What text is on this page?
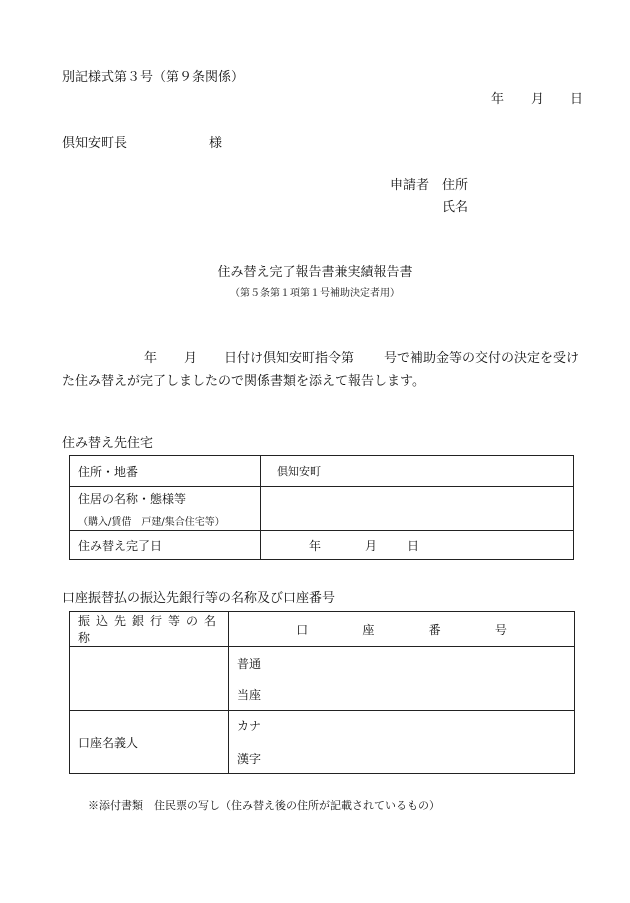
別記様式第３号（第９条関係）
年 月 日
倶知安町長	様
申請者 住所
氏名
住み替え完了報告書兼実績報告書
（第５条第１項第１号補助決定者用）
年 月 日付け倶知安町指令第 号で補助金等の交付の決定を受け
た住み替えが完了しましたので関係書類を添えて報告します。
住み替え先住宅
住所・地番	倶知安町

住居の名称・態様等
（購入/賃借　戸建/集合住宅等）	

住み替え完了日	年 月 日
口座振替払の振込先銀行等の名称及び口座番号
振込先銀行等の名称	口 座 番 号

	普通
当座

口座名義人	カナ
漢字
※添付書類　住民票の写し（住み替え後の住所が記載されているもの）
